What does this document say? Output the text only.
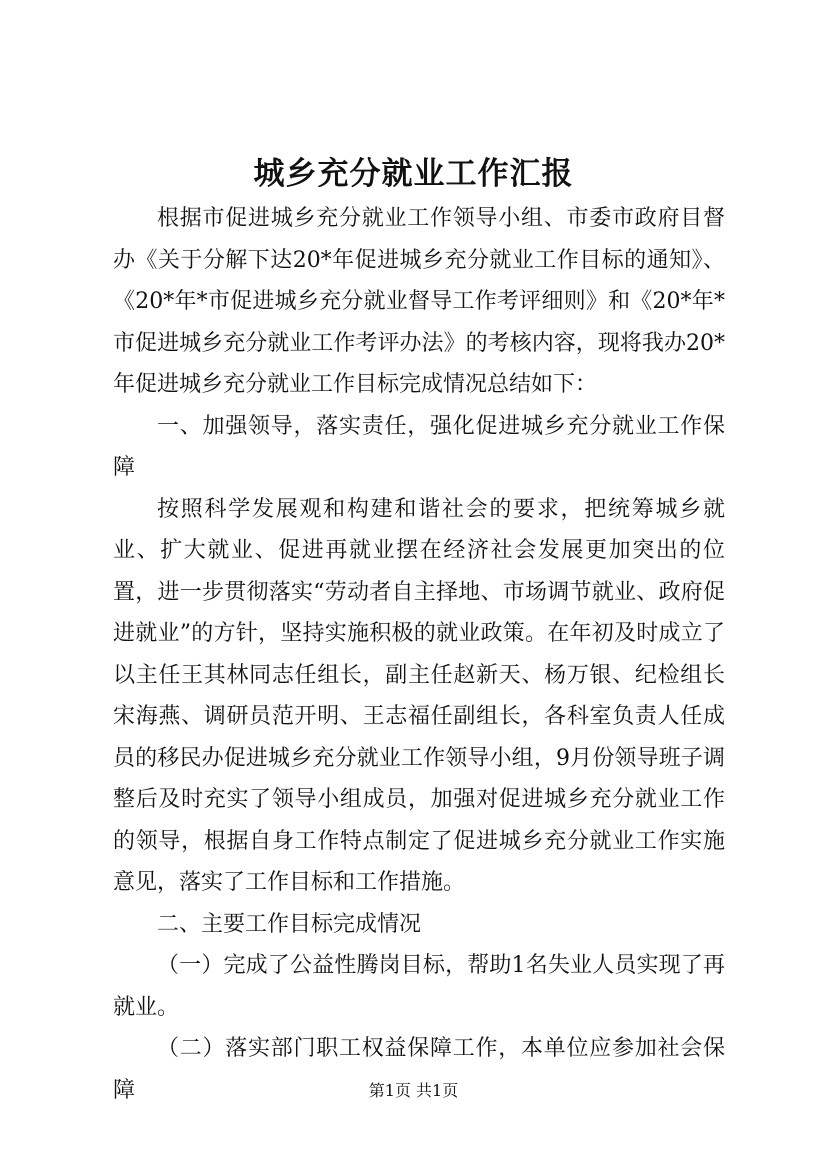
城乡充分就业工作汇报

根据市促进城乡充分就业工作领导小组、市委市政府目督办《关于分解下达20*年促进城乡充分就业工作目标的通知》、《20*年*市促进城乡充分就业督导工作考评细则》和《20*年*市促进城乡充分就业工作考评办法》的考核内容，现将我办20*年促进城乡充分就业工作目标完成情况总结如下：

一、加强领导，落实责任，强化促进城乡充分就业工作保障

按照科学发展观和构建和谐社会的要求，把统筹城乡就业、扩大就业、促进再就业摆在经济社会发展更加突出的位置，进一步贯彻落实“劳动者自主择地、市场调节就业、政府促进就业”的方针，坚持实施积极的就业政策。在年初及时成立了以主任王其林同志任组长，副主任赵新天、杨万银、纪检组长宋海燕、调研员范开明、王志福任副组长，各科室负责人任成员的移民办促进城乡充分就业工作领导小组，9月份领导班子调整后及时充实了领导小组成员，加强对促进城乡充分就业工作的领导，根据自身工作特点制定了促进城乡充分就业工作实施意见，落实了工作目标和工作措施。

二、主要工作目标完成情况

（一）完成了公益性腾岗目标，帮助1名失业人员实现了再就业。

（二）落实部门职工权益保障工作，本单位应参加社会保障	第1页 共1页
